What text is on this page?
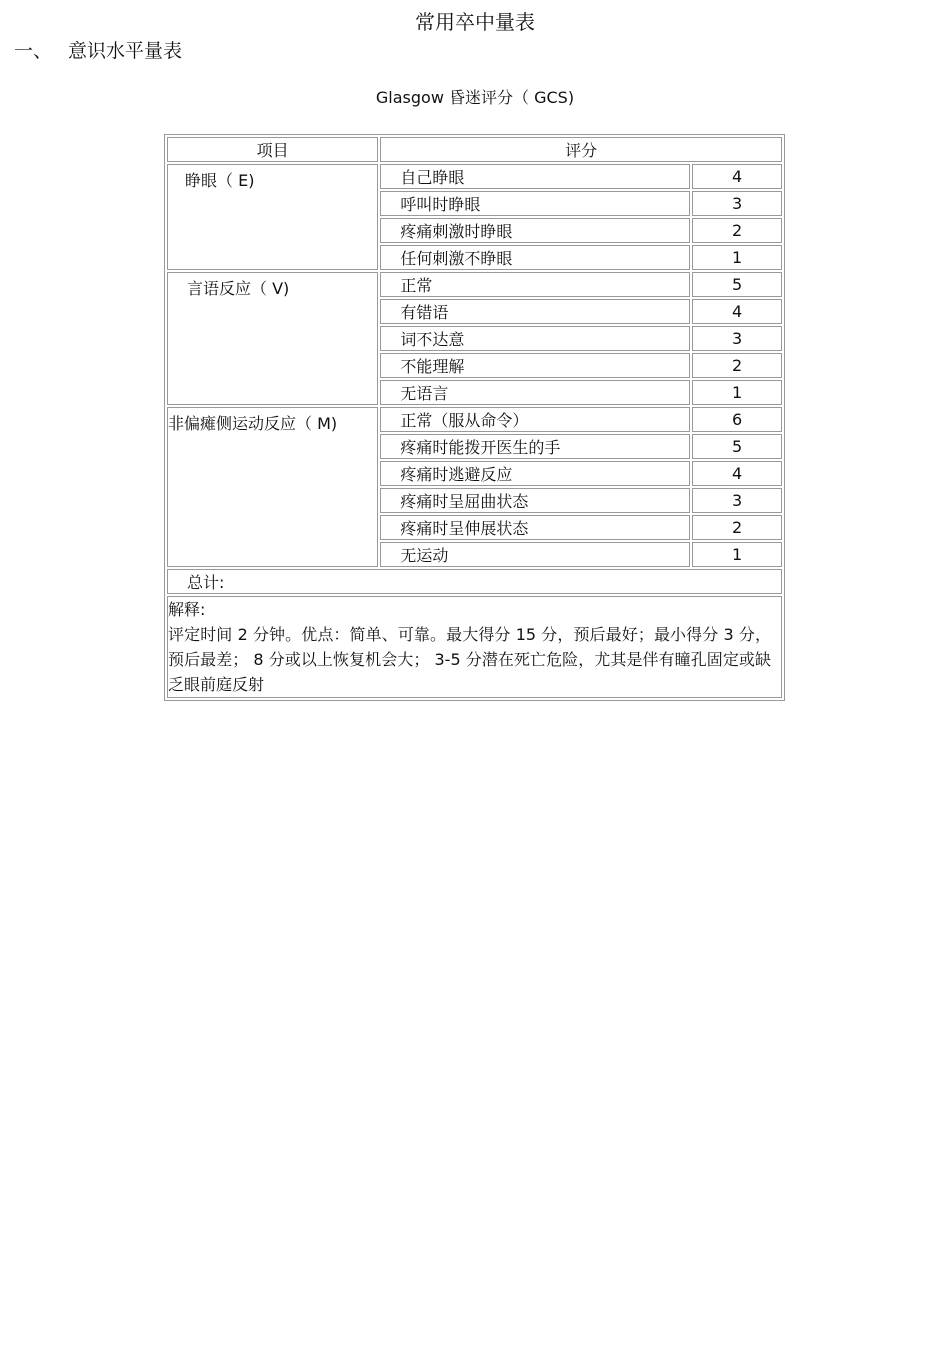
常用卒中量表
一、 意识水平量表
Glasgow 昏迷评分（ GCS)
项目	评分	

睁眼（ E)	自己睁眼	4
	呼叫时睁眼	3
	疼痛刺激时睁眼	2
	任何刺激不睁眼	1

言语反应（ V)	正常	5
	有错语	4
	词不达意	3
	不能理解	2
	无语言	1

非偏瘫侧运动反应（ M)	正常（服从命令）	6
	疼痛时能拨开医生的手	5
	疼痛时逃避反应	4
	疼痛时呈屈曲状态	3
	疼痛时呈伸展状态	2
	无运动	1
总计:		

解释:
评定时间 2 分钟。优点：简单、可靠。最大得分 15 分，预后最好；最小得分 3 分，预后最差； 8 分或以上恢复机会大； 3-5 分潜在死亡危险，尤其是伴有瞳孔固定或缺乏眼前庭反射		
